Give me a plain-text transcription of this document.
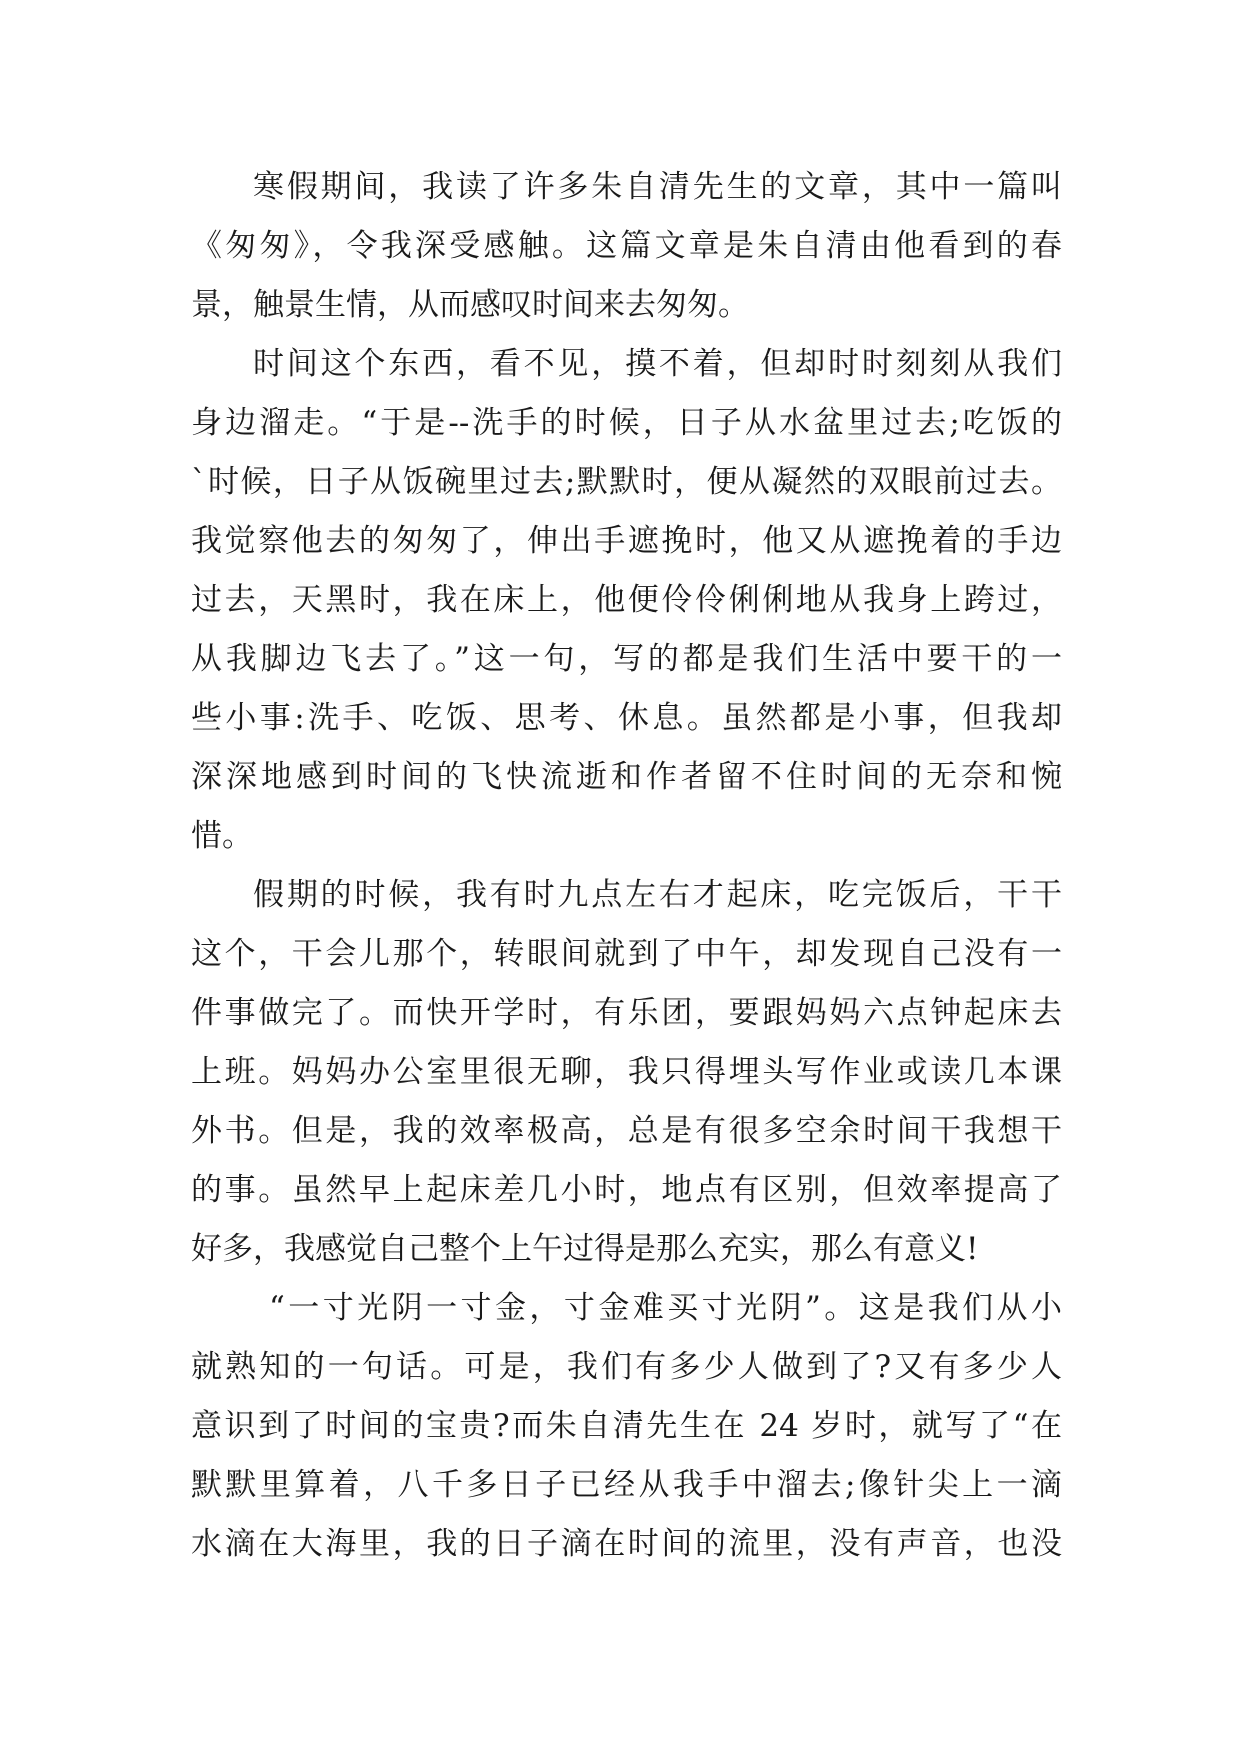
寒假期间，我读了许多朱自清先生的文章，其中一篇叫
《匆匆》，令我深受感触。这篇文章是朱自清由他看到的春
景，触景生情，从而感叹时间来去匆匆。
时间这个东西，看不见，摸不着，但却时时刻刻从我们
身边溜走。“于是--洗手的时候，日子从水盆里过去;吃饭的
`时候，日子从饭碗里过去;默默时，便从凝然的双眼前过去。
我觉察他去的匆匆了，伸出手遮挽时，他又从遮挽着的手边
过去，天黑时，我在床上，他便伶伶俐俐地从我身上跨过，
从我脚边飞去了。”这一句，写的都是我们生活中要干的一
些小事:洗手、吃饭、思考、休息。虽然都是小事，但我却
深深地感到时间的飞快流逝和作者留不住时间的无奈和惋
惜。
假期的时候，我有时九点左右才起床，吃完饭后，干干
这个，干会儿那个，转眼间就到了中午，却发现自己没有一
件事做完了。而快开学时，有乐团，要跟妈妈六点钟起床去
上班。妈妈办公室里很无聊，我只得埋头写作业或读几本课
外书。但是，我的效率极高，总是有很多空余时间干我想干
的事。虽然早上起床差几小时，地点有区别，但效率提高了
好多，我感觉自己整个上午过得是那么充实，那么有意义!
“一寸光阴一寸金，寸金难买寸光阴”。这是我们从小
就熟知的一句话。可是，我们有多少人做到了?又有多少人
意识到了时间的宝贵?而朱自清先生在 24 岁时，就写了“在
默默里算着，八千多日子已经从我手中溜去;像针尖上一滴
水滴在大海里，我的日子滴在时间的流里，没有声音，也没
